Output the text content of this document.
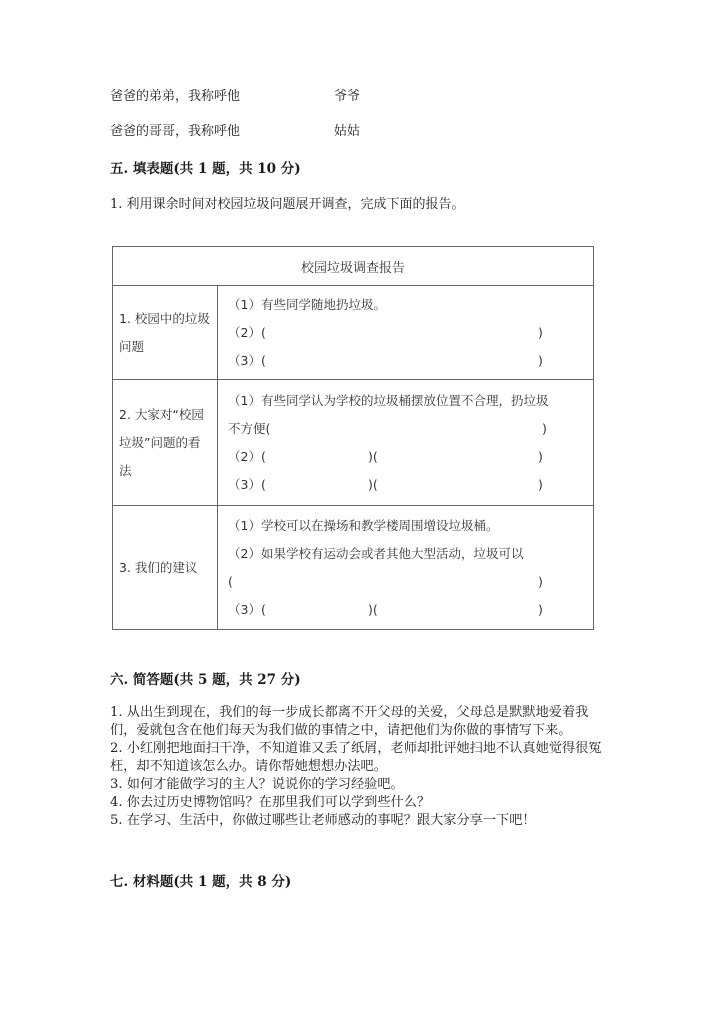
爸爸的弟弟，我称呼他	爷爷
爸爸的哥哥，我称呼他	姑姑
五. 填表题(共 1 题，共 10 分)
1. 利用课余时间对校园垃圾问题展开调查，完成下面的报告。
校园垃圾调查报告	
1. 校园中的垃圾问题	（1）有些同学随地扔垃圾。
（2）( )
（3）( )

2. 大家对“校园垃圾”问题的看法	
（1）有些同学认为学校的垃圾桶摆放位置不合理，扔垃圾
不方便(	)
（2）(	)(	)
（3）(	)(	)

3. 我们的建议	
（1）学校可以在操场和教学楼周围增设垃圾桶。
（2）如果学校有运动会或者其他大型活动，垃圾可以
(	)
（3）(	)(	)
六. 简答题(共 5 题，共 27 分)
1. 从出生到现在，我们的每一步成长都离不开父母的关爱，父母总是默默地爱着我们，爱就包含在他们每天为我们做的事情之中，请把他们为你做的事情写下来。
2. 小红刚把地面扫干净，不知道谁又丢了纸屑，老师却批评她扫地不认真她觉得很冤枉，却不知道该怎么办。请你帮她想想办法吧。
3. 如何才能做学习的主人？说说你的学习经验吧。
4. 你去过历史博物馆吗？在那里我们可以学到些什么？
5. 在学习、生活中，你做过哪些让老师感动的事呢？跟大家分享一下吧！
七. 材料题(共 1 题，共 8 分)
